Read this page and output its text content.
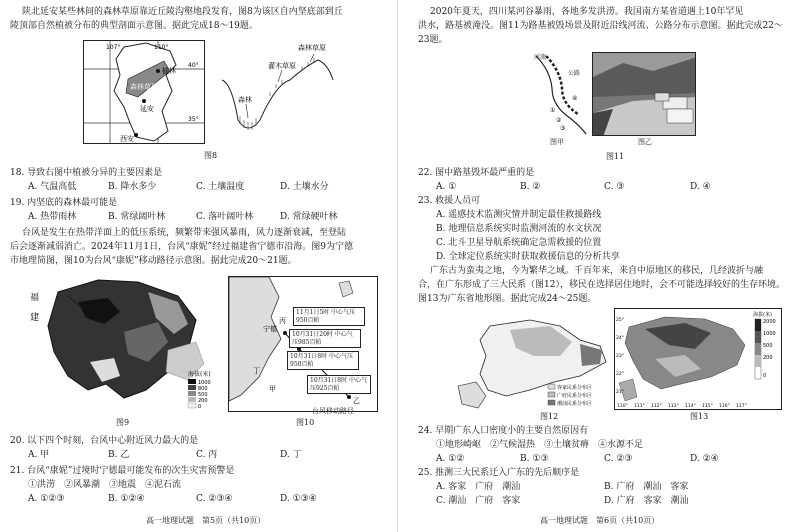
陕北延安某些林间的森林草原靠近丘陵沟壑地段发育，图8为该区自内坚底部到丘
陵顶部自然植被分布的典型剖面示意图。据此完成18～19题。
107°	110°
40°
35°
森林草原带
榆林
延安
西安
森林
灌木草原
森林草原
图8
18. 导致右图中植被分异的主要因素是
A. 气温高低	B. 降水多少	C. 土壤温度	D. 土壤水分
19. 内坚底的森林最可能是
A. 热带雨林	B. 常绿阔叶林	C. 落叶阔叶林	D. 常绿硬叶林
台风是发生在热带洋面上的低压系统，频繁带来强风暴雨，风力逐渐衰减，至登陆
后会逐渐减弱消亡。2024年11月1日，台风“康妮”经过福建省宁德市沿海。图9为宁德
市地理简图，图10为台风“康妮”移动路径示意图。据此完成20～21题。
福
建
海拔(米)
1000
800
500
200
0
图9
宁德
丙
丁
乙
甲
11月1日5时 中心气压950百帕
10月31日20时 中心气压985百帕
10月31日8时 中心气压950百帕
10月31日8时 中心气压925百帕
台风移动路径
图10
20. 以下四个时刻，台风中心附近风力最大的是
A. 甲	B. 乙	C. 丙	D. 丁
21. 台风“康妮”过境时宁德最可能发布的次生灾害预警是
①洪涝　②风暴潮　③地震　④泥石流
A. ①②③	B. ①②④	C. ②③④	D. ①③④
高一地理试题　第5页（共10页）
2020年夏天，四川某河谷暴雨，各地多发洪涝。我国南方某省道遇上10年罕见
洪水，路基被淹没。图11为路基被毁场景及附近沿线河流、公路分布示意图。据此完成22～
23题。
①
②
③
④
河流
公路
图甲	图乙
图11
22. 图中路基毁坏最严重的是
A. ①	B. ②	C. ③	D. ④
23. 救援人员可
A. 遥感技术监测灾情并制定最佳救援路线
B. 地理信息系统实时监测河流的水文状况
C. 北斗卫星导航系统确定急需救援的位置
D. 全球定位系统实时获取救援信息的分析共享
广东古为蛮夷之地，今为繁华之域。千百年来，来自中原地区的移民，几经波折与融
合，在广东形成了三大民系（图12），移民在选择居住地时，会不可能选择较好的生存环境。
图13为广东省地形图。据此完成24～25题。
客家民系分布区
广府民系分布区
潮汕民系分布区
图12
海拔(米)
2000
1000
500
200
0
110° 111° 112° 113° 114° 115° 116° 117°
25°
24°
23°
22°
21°
图13
24. 早期广东人口密度小的主要自然原因有
①地形崎岖　②气候湿热　③土壤贫瘠　④水源不足
A. ①②	B. ①③	C. ②③	D. ②④
25. 推测三大民系迁入广东的先后顺序是
A. 客家　广府　潮汕	B. 广府　潮汕　客家
C. 潮汕　广府　客家	D. 广府　客家　潮汕
高一地理试题　第6页（共10页）
